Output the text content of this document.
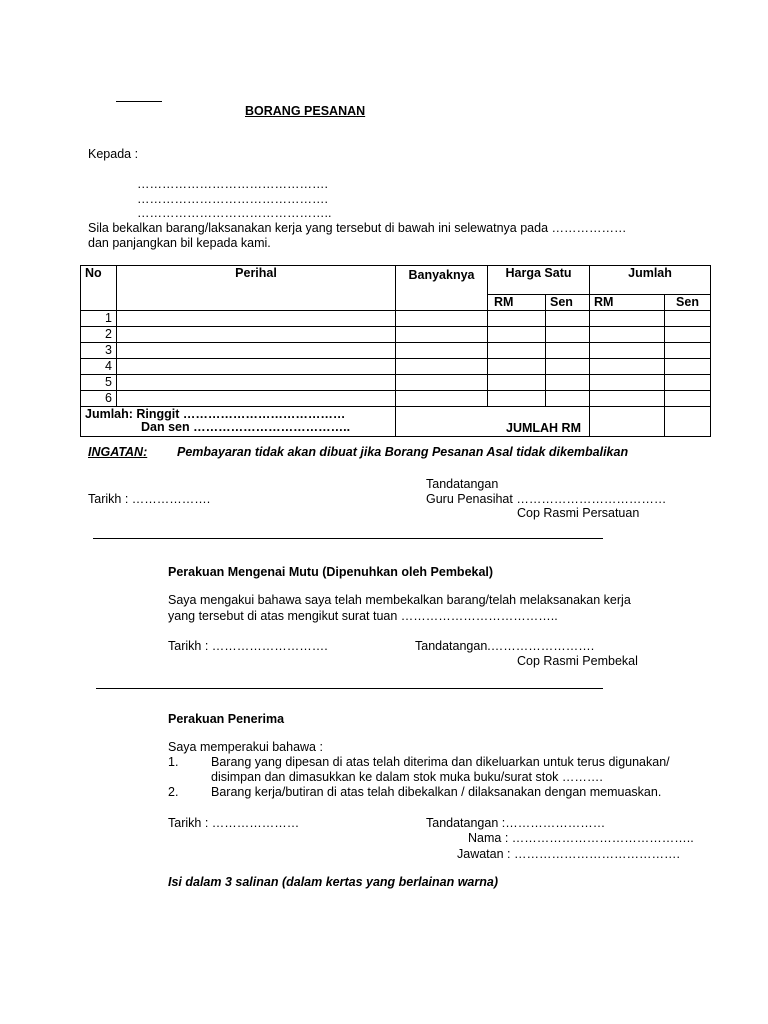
BORANG PESANAN
Kepada :
……………………………………….
……………………………………….
………………………………………..
Sila bekalkan barang/laksanakan kerja yang tersebut di bawah ini selewatnya pada ………………
dan panjangkan bil kepada kami.
No	Perihal	Banyaknya	Harga Satu		Jumlah	
			RM	Sen	RM	Sen
1						
2						
3						
4						
5						
6						

Jumlah: Ringgit …………………………………
Dan sen ………………………………..		JUMLAH RM				
INGATAN: Pembayaran tidak akan dibuat jika Borang Pesanan Asal tidak dikembalikan
Tandatangan
Tarikh : ……………….	Guru Penasihat ………………………………
Cop Rasmi Persatuan
Perakuan Mengenai Mutu (Dipenuhkan oleh Pembekal)
Saya mengakui bahawa saya telah membekalkan barang/telah melaksanakan kerja
yang tersebut di atas mengikut surat tuan ………………………………..
Tarikh : ……………………….	Tandatangan.…………………….
Cop Rasmi Pembekal
Perakuan Penerima
Saya memperakui bahawa :
1.	Barang yang dipesan di atas telah diterima dan dikeluarkan untuk terus digunakan/
disimpan dan dimasukkan ke dalam stok muka buku/surat stok ……….
2.	Barang kerja/butiran di atas telah dibekalkan / dilaksanakan dengan memuaskan.
Tarikh : …………………	Tandatangan :……………………
Nama : ……………………………………..
Jawatan : ………………………………….
Isi dalam 3 salinan (dalam kertas yang berlainan warna)
